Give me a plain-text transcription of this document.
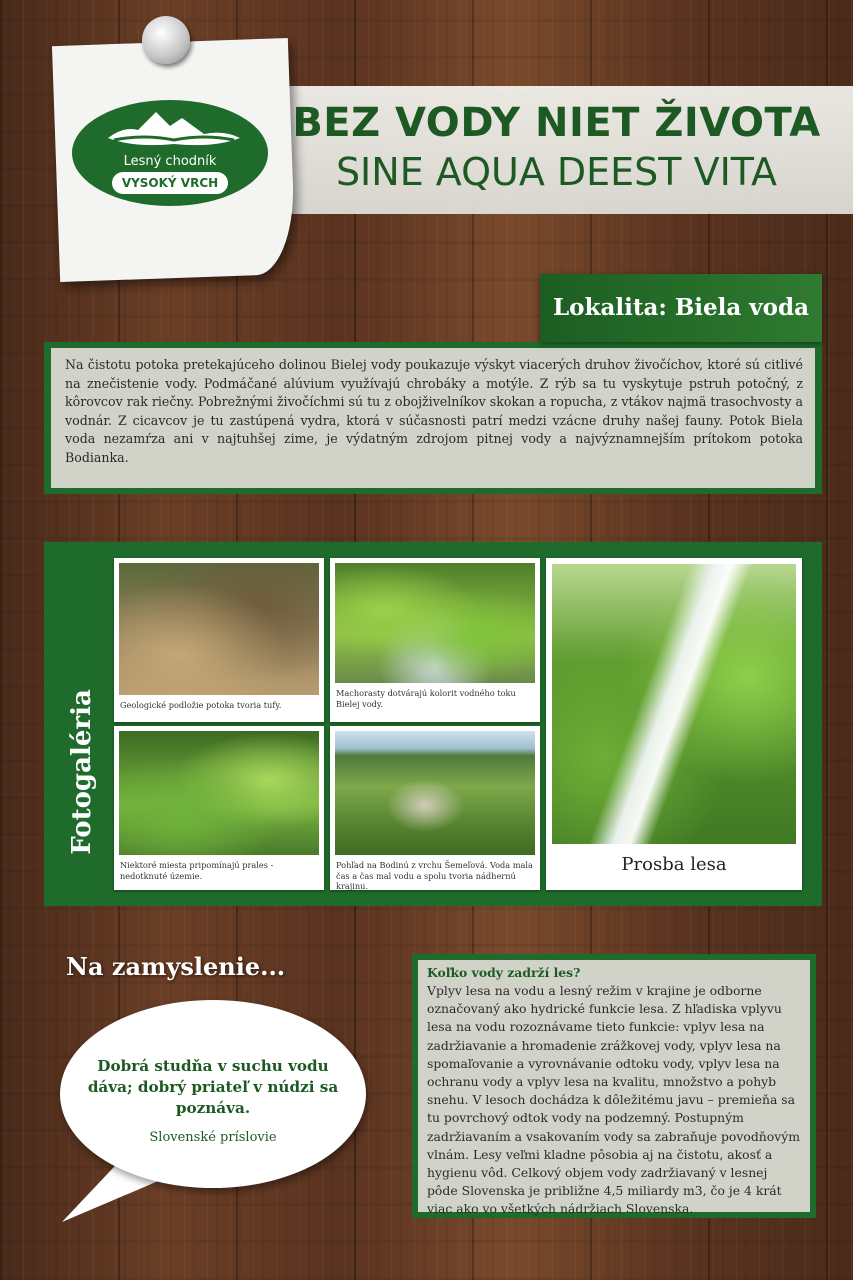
BEZ VODY NIET ŽIVOTA
SINE AQUA DEEST VITA
Lesný chodník
VYSOKÝ VRCH
Na čistotu potoka pretekajúceho dolinou Bielej vody poukazuje výskyt viacerých druhov živočíchov, ktoré sú citlivé na znečistenie vody. Podmáčané alúvium využívajú chrobáky a motýle. Z rýb sa tu vyskytuje pstruh potočný, z kôrovcov rak riečny. Pobrežnými živočíchmi sú tu z obojživelníkov skokan a ropucha, z vtákov najmä trasochvosty a vodnár. Z cicavcov je tu zastúpená vydra, ktorá v súčasnosti patrí medzi vzácne druhy našej fauny. Potok Biela voda nezamŕza ani v najtuhšej zime, je výdatným zdrojom pitnej vody a najvýznamnejším prítokom potoka Bodianka.
Lokalita: Biela voda
Fotogaléria	Geologické podložie potoka tvoria tufy.
Machorasty dotvárajú kolorit vodného toku Bielej vody.
Niektoré miesta pripomínajú prales - nedotknuté územie.
Pohľad na Bodinú z vrchu Šemeľová. Voda mala čas a čas mal vodu a spolu tvoria nádhernú krajinu.
Prosba lesa
Na zamyslenie...
Dobrá studňa v suchu vodu dáva; dobrý priateľ v núdzi sa poznáva.
Slovenské príslovie
Koľko vody zadrží les?
Vplyv lesa na vodu a lesný režim v krajine je odborne označovaný ako hydrické funkcie lesa. Z hľadiska vplyvu lesa na vodu rozoznávame tieto funkcie: vplyv lesa na zadržiavanie a hromadenie zrážkovej vody, vplyv lesa na spomaľovanie a vyrovnávanie odtoku vody, vplyv lesa na ochranu vody a vplyv lesa na kvalitu, množstvo a pohyb snehu. V lesoch dochádza k dôležitému javu – premieňa sa tu povrchový odtok vody na podzemný. Postupným zadržiavaním a vsakovaním vody sa zabraňuje povodňovým vlnám. Lesy veľmi kladne pôsobia aj na čistotu, akosť a hygienu vôd. Celkový objem vody zadržiavaný v lesnej pôde Slovenska je približne 4,5 miliardy m3, čo je 4 krát viac ako vo všetkých nádržiach Slovenska.
